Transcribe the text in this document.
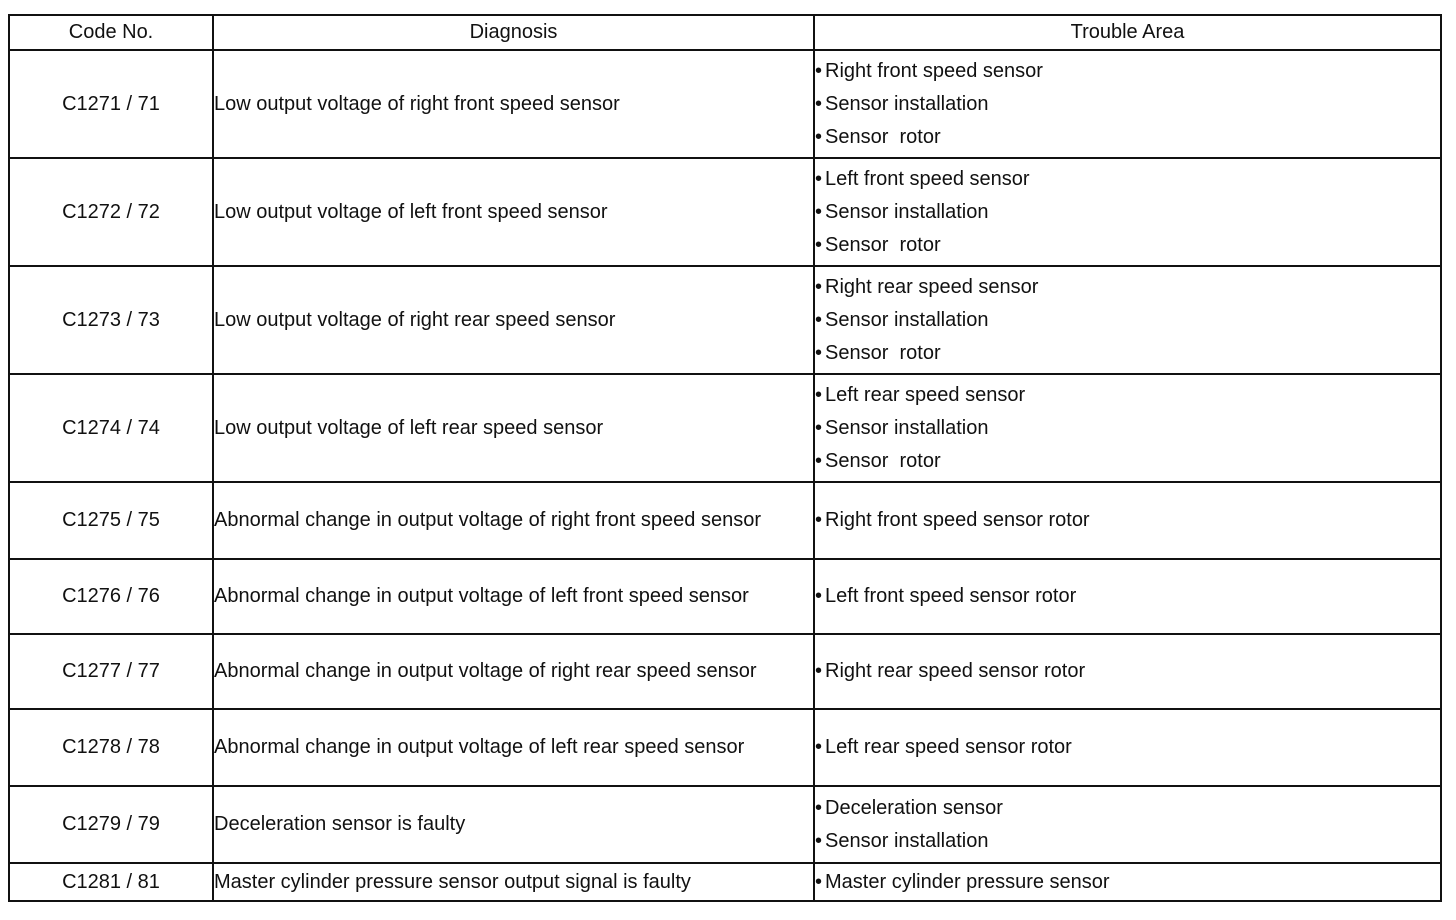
Code No.	Diagnosis	Trouble Area
C1271 / 71	Low output voltage of right front speed sensor	• Right front speed sensor
• Sensor installation
• Sensor  rotor

C1272 / 72	Low output voltage of left front speed sensor	• Left front speed sensor
• Sensor installation
• Sensor  rotor

C1273 / 73	Low output voltage of right rear speed sensor	• Right rear speed sensor
• Sensor installation
• Sensor  rotor

C1274 / 74	Low output voltage of left rear speed sensor	• Left rear speed sensor
• Sensor installation
• Sensor  rotor

C1275 / 75	Abnormal change in output voltage of right front speed sensor	• Right front speed sensor rotor

C1276 / 76	Abnormal change in output voltage of left front speed sensor	• Left front speed sensor rotor

C1277 / 77	Abnormal change in output voltage of right rear speed sensor	• Right rear speed sensor rotor

C1278 / 78	Abnormal change in output voltage of left rear speed sensor	• Left rear speed sensor rotor

C1279 / 79	Deceleration sensor is faulty	• Deceleration sensor
• Sensor installation

C1281 / 81	Master cylinder pressure sensor output signal is faulty	• Master cylinder pressure sensor
